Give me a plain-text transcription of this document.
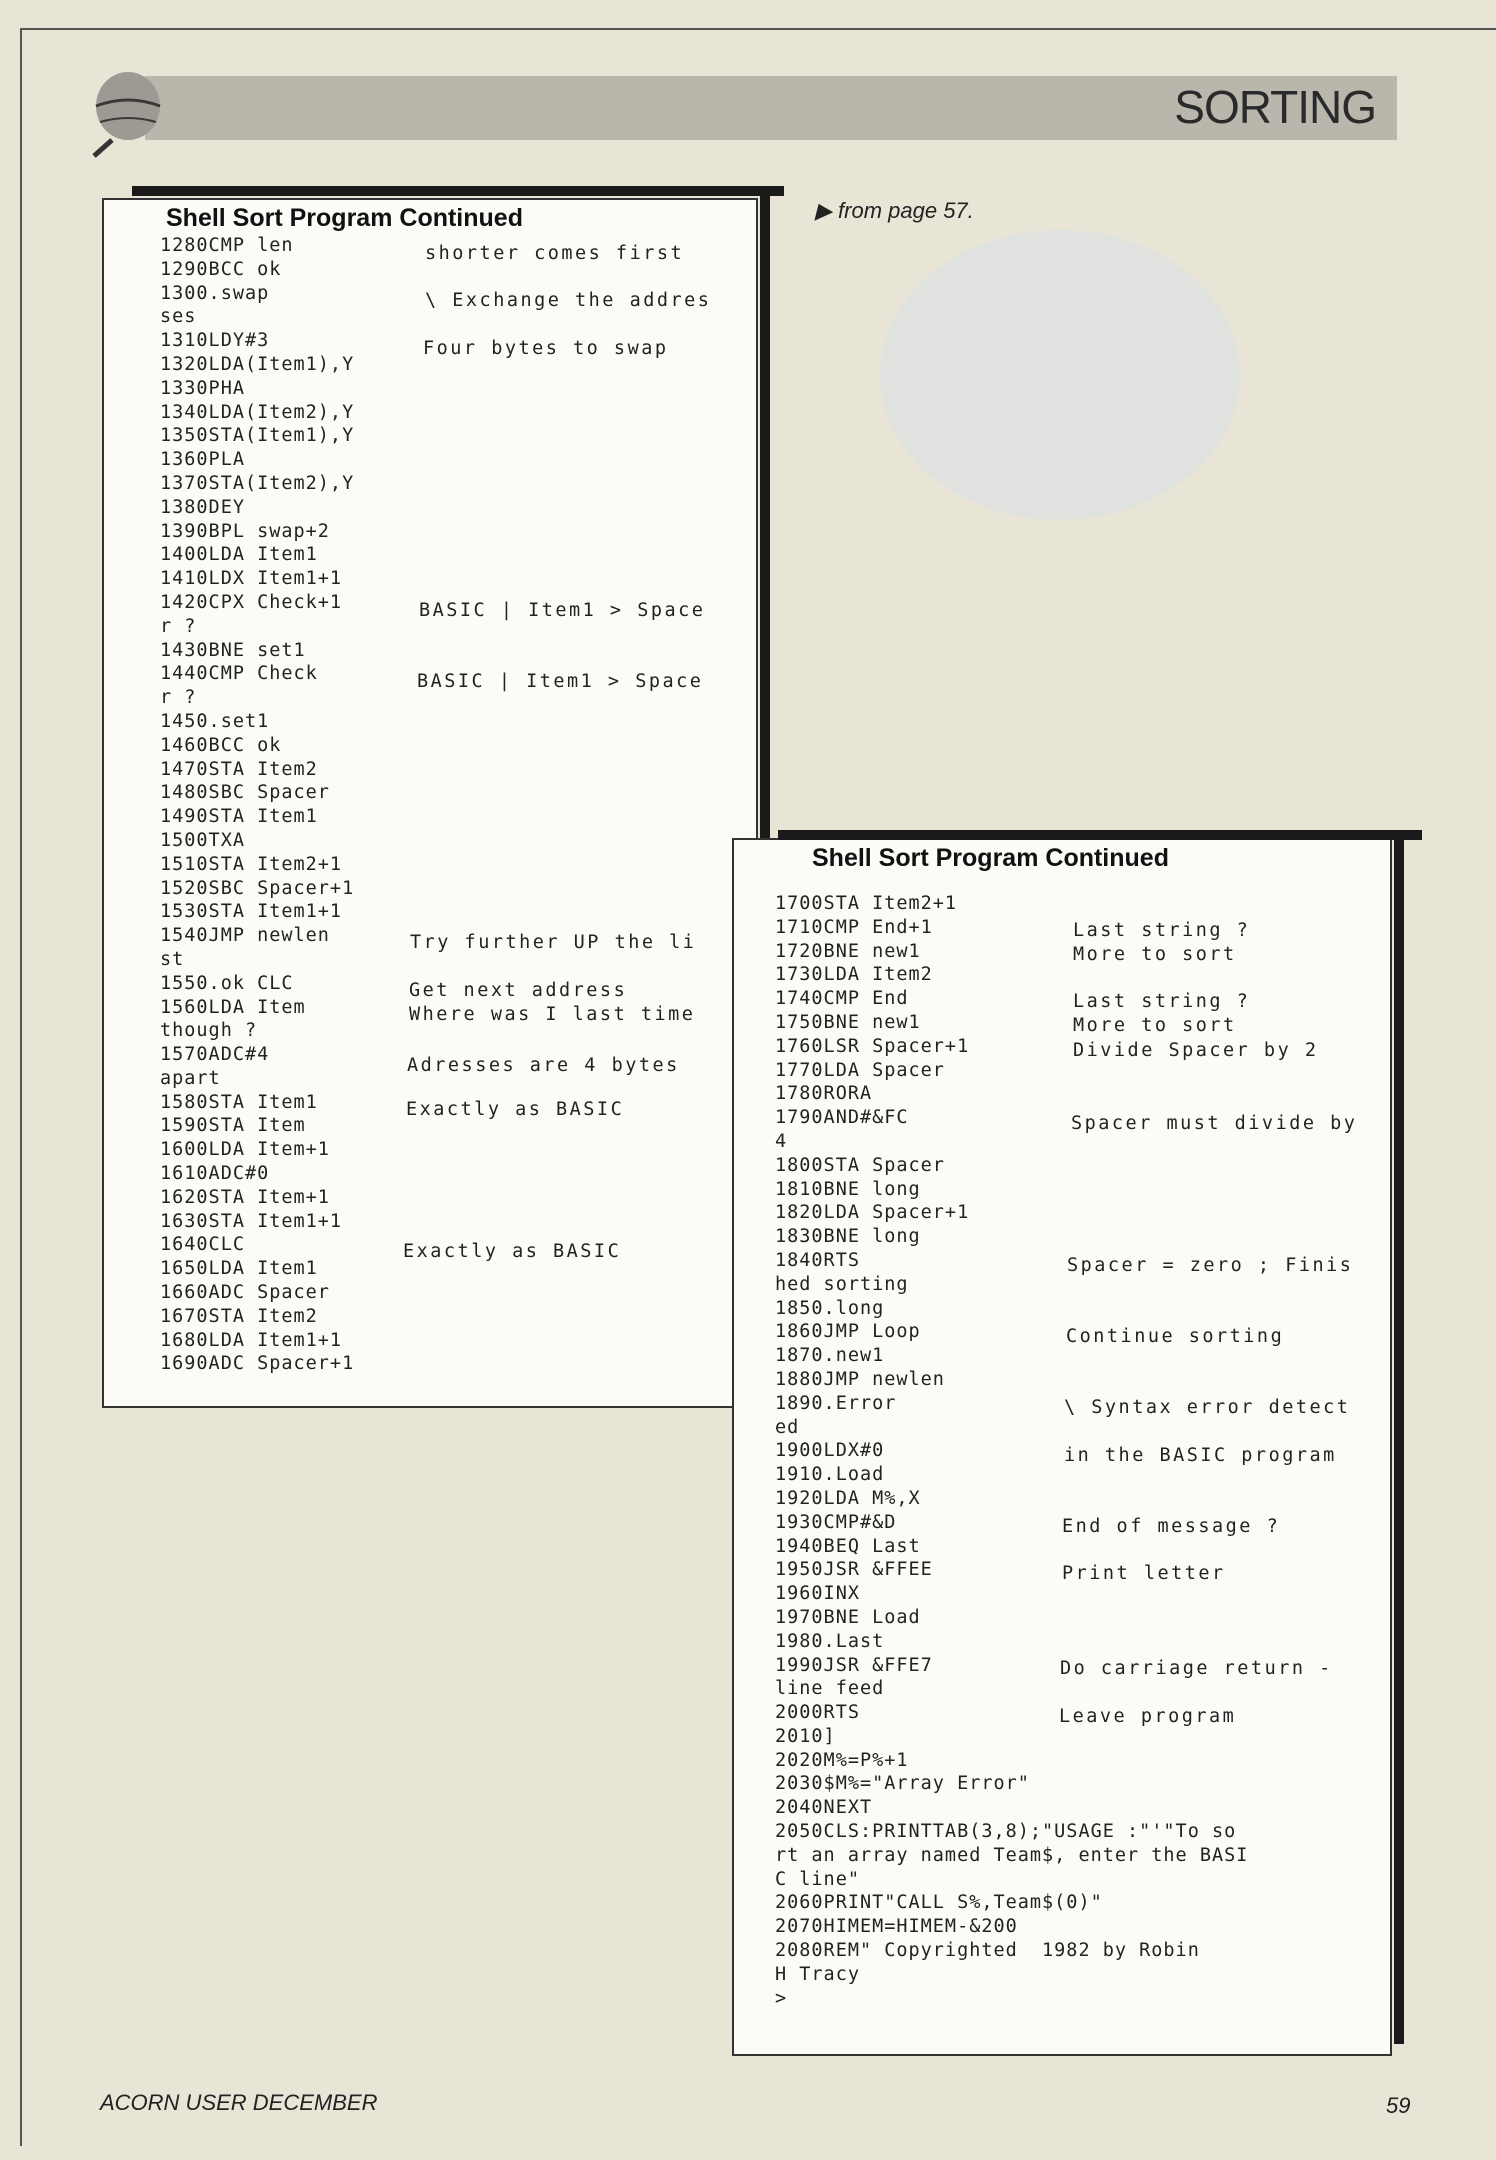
SORTING
▶ from page 57.
Shell Sort Program Continued
1280CMP len
1290BCC ok
1300.swap
ses
1310LDY#3
1320LDA(Item1),Y
1330PHA
1340LDA(Item2),Y
1350STA(Item1),Y
1360PLA
1370STA(Item2),Y
1380DEY
1390BPL swap+2
1400LDA Item1
1410LDX Item1+1
1420CPX Check+1
r ?
1430BNE set1
1440CMP Check
r ?
1450.set1
1460BCC ok
1470STA Item2
1480SBC Spacer
1490STA Item1
1500TXA
1510STA Item2+1
1520SBC Spacer+1
1530STA Item1+1
1540JMP newlen
st
1550.ok CLC
1560LDA Item
though ?
1570ADC#4
apart
1580STA Item1
1590STA Item
1600LDA Item+1
1610ADC#0
1620STA Item+1
1630STA Item1+1
1640CLC
1650LDA Item1
1660ADC Spacer
1670STA Item2
1680LDA Item1+1
1690ADC Spacer+1
shorter comes first
\ Exchange the addres
Four bytes to swap
BASIC | Item1 > Space
BASIC | Item1 > Space
Try further UP the li
Get next address
Where was I last time
Adresses are 4 bytes
Exactly as BASIC
Exactly as BASIC
Shell Sort Program Continued
1700STA Item2+1
1710CMP End+1
1720BNE new1
1730LDA Item2
1740CMP End
1750BNE new1
1760LSR Spacer+1
1770LDA Spacer
1780RORA
1790AND#&FC
4
1800STA Spacer
1810BNE long
1820LDA Spacer+1
1830BNE long
1840RTS
hed sorting
1850.long
1860JMP Loop
1870.new1
1880JMP newlen
1890.Error
ed
1900LDX#0
1910.Load
1920LDA M%,X
1930CMP#&D
1940BEQ Last
1950JSR &FFEE
1960INX
1970BNE Load
1980.Last
1990JSR &FFE7
line feed
2000RTS
2010]
2020M%=P%+1
2030$M%="Array Error"
2040NEXT
2050CLS:PRINTTAB(3,8);"USAGE :"'"To so
rt an array named Team$, enter the BASI
C line"
2060PRINT"CALL S%,Team$(0)"
2070HIMEM=HIMEM-&200
2080REM" Copyrighted  1982 by Robin
H Tracy
>
Last string ?
More to sort
Last string ?
More to sort
Divide Spacer by 2
Spacer must divide by
Spacer = zero ; Finis
Continue sorting
\ Syntax error detect
in the BASIC program
End of message ?
Print letter
Do carriage return -
Leave program
ACORN USER DECEMBER	59
